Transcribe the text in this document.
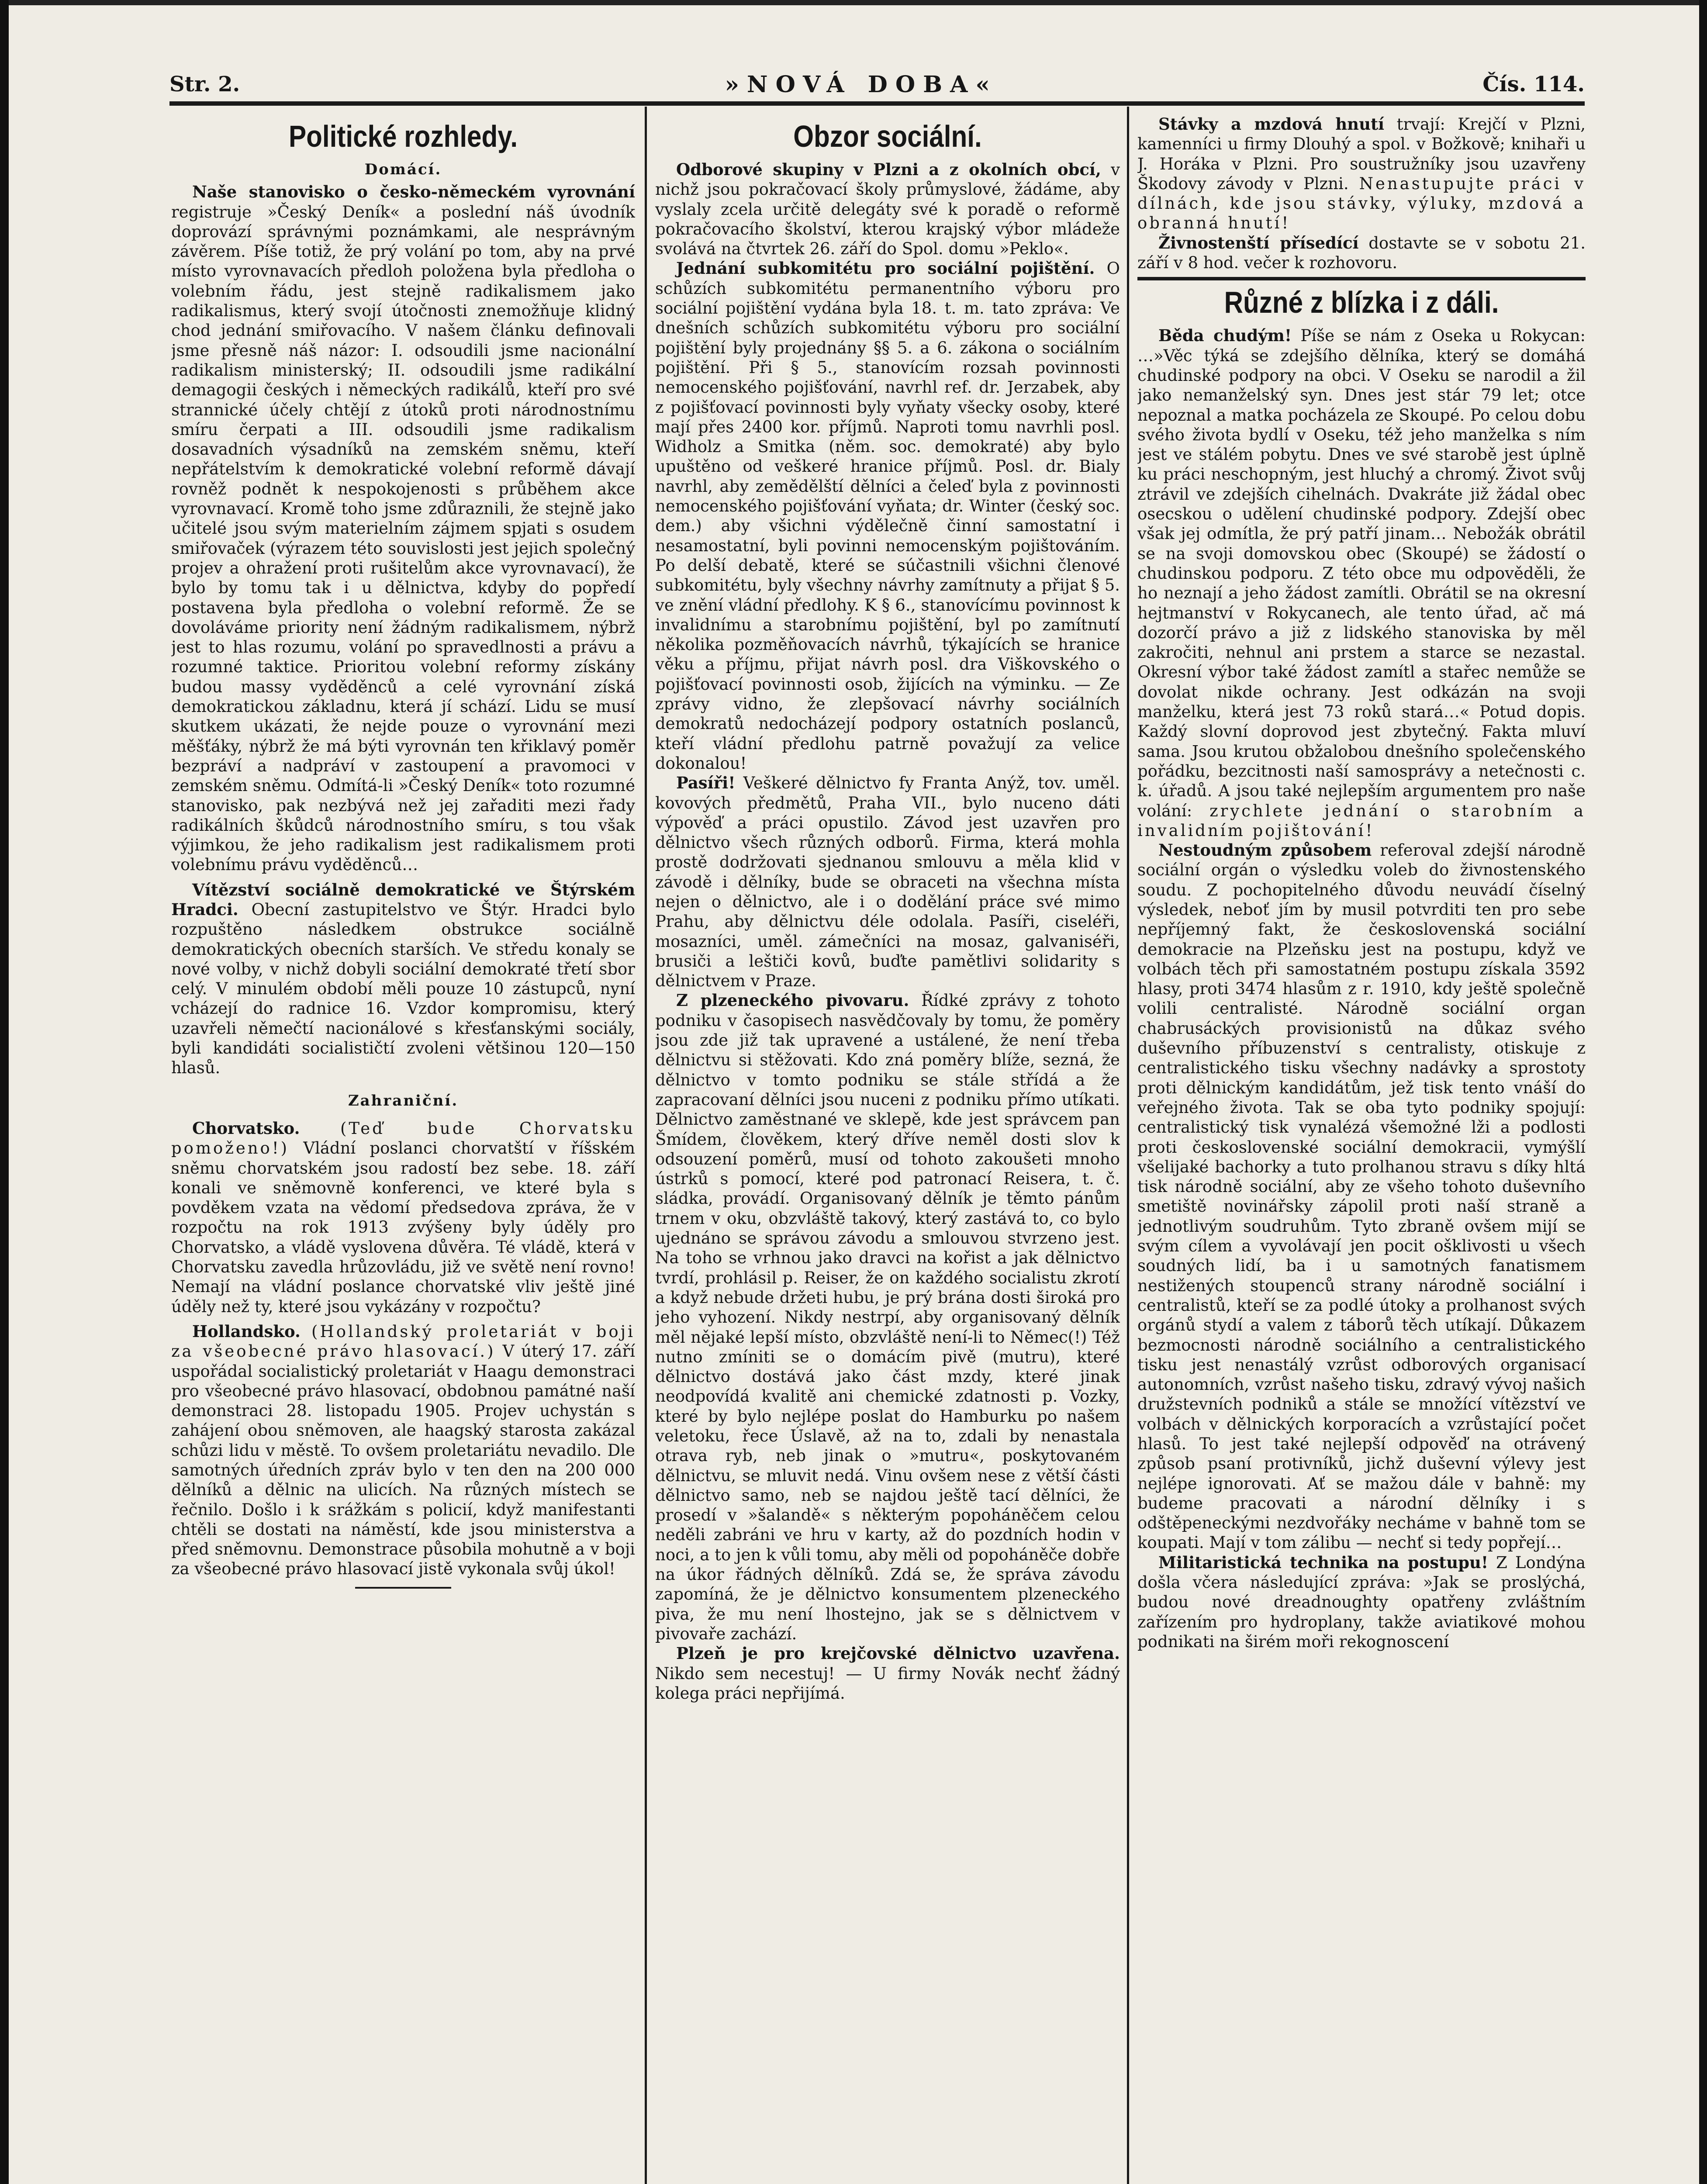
Str. 2.	»NOVÁ DOBA«	Čís. 114.
Politické rozhledy.
Domácí.

Naše stanovisko o česko-německém vyrovnání registruje »Český Deník« a poslední náš úvodník doprovází správnými poznámkami, ale nesprávným závěrem. Píše totiž, že prý volání po tom, aby na prvé místo vyrovnavacích předloh položena byla předloha o volebním řádu, jest stejně radikalismem jako radikalismus, který svojí útočnosti znemožňuje klidný chod jednání smiřovacího. V našem článku definovali jsme přesně náš názor: I. odsoudili jsme nacionální radikalism ministerský; II. odsoudili jsme radikální demagogii českých i německých radikálů, kteří pro své strannické účely chtějí z útoků proti národnostnímu smíru čerpati a III. odsoudili jsme radikalism dosavadních výsadníků na zemském sněmu, kteří nepřátelstvím k demokratické volební reformě dávají rovněž podnět k nespokojenosti s průběhem akce vyrovnavací. Kromě toho jsme zdůraznili, že stejně jako učitelé jsou svým materielním zájmem spjati s osudem smiřovaček (výrazem této souvislosti jest jejich společný projev a ohražení proti rušitelům akce vyrovnavací), že bylo by tomu tak i u dělnictva, kdyby do popředí postavena byla předloha o volební reformě. Že se dovoláváme priority není žádným radikalismem, nýbrž jest to hlas rozumu, volání po spravedlnosti a právu a rozumné taktice. Prioritou volební reformy získány budou massy vyděděnců a celé vyrovnání získá demokratickou základnu, která jí schází. Lidu se musí skutkem ukázati, že nejde pouze o vyrovnání mezi měšťáky, nýbrž že má býti vyrovnán ten křiklavý poměr bezpráví a nadpráví v zastoupení a pravomoci v zemském sněmu. Odmítá-li »Český Deník« toto rozumné stanovisko, pak nezbývá než jej zařaditi mezi řady radikálních škůdců národnostního smíru, s tou však výjimkou, že jeho radikalism jest radikalismem proti volebnímu právu vyděděnců…

Vítězství sociálně demokratické ve Štýrském Hradci. Obecní zastupitelstvo ve Štýr. Hradci bylo rozpuštěno následkem obstrukce sociálně demokratických obecních starších. Ve středu konaly se nové volby, v nichž dobyli sociální demokraté třetí sbor celý. V minulém období měli pouze 10 zástupců, nyní vcházejí do radnice 16. Vzdor kompromisu, který uzavřeli němečtí nacionálové s křesťanskými sociály, byli kandidáti socialističtí zvoleni většinou 120—150 hlasů.

Zahraniční.

Chorvatsko. (Teď bude Chorvatsku pomoženo!) Vládní poslanci chorvatští v říšském sněmu chorvatském jsou radostí bez sebe. 18. září konali ve sněmovně konferenci, ve které byla s povděkem vzata na vědomí předsedova zpráva, že v rozpočtu na rok 1913 zvýšeny byly úděly pro Chorvatsko, a vládě vyslovena důvěra. Té vládě, která v Chorvatsku zavedla hrůzovládu, již ve světě není rovno! Nemají na vládní poslance chorvatské vliv ještě jiné úděly než ty, které jsou vykázány v rozpočtu?

Hollandsko. (Hollandský proletariát v boji za všeobecné právo hlasovací.) V úterý 17. září uspořádal socialistický proletariát v Haagu demonstraci pro všeobecné právo hlasovací, obdobnou památné naší demonstraci 28. listopadu 1905. Projev uchystán s zahájení obou sněmoven, ale haagský starosta zakázal schůzi lidu v městě. To ovšem proletariátu nevadilo. Dle samotných úředních zpráv bylo v ten den na 200 000 dělníků a dělnic na ulicích. Na různých místech se řečnilo. Došlo i k srážkám s policií, když manifestanti chtěli se dostati na náměstí, kde jsou ministerstva a před sněmovnu. Demonstrace působila mohutně a v boji za všeobecné právo hlasovací jistě vykonala svůj úkol!

Obzor sociální.

Odborové skupiny v Plzni a z okolních obcí, v nichž jsou pokračovací školy průmyslové, žádáme, aby vyslaly zcela určitě delegáty své k poradě o reformě pokračovacího školství, kterou krajský výbor mládeže svolává na čtvrtek 26. září do Spol. domu »Peklo«.

Jednání subkomitétu pro sociální pojištění. O schůzích subkomitétu permanentního výboru pro sociální pojištění vydána byla 18. t. m. tato zpráva: Ve dnešních schůzích subkomitétu výboru pro sociální pojištění byly projednány §§ 5. a 6. zákona o sociálním pojištění. Při § 5., stanovícím rozsah povinnosti nemocenského pojišťování, navrhl ref. dr. Jerzabek, aby z pojišťovací povinnosti byly vyňaty všecky osoby, které mají přes 2400 kor. příjmů. Naproti tomu navrhli posl. Widholz a Smitka (něm. soc. demokraté) aby bylo upuštěno od veškeré hranice příjmů. Posl. dr. Bialy navrhl, aby zemědělští dělníci a čeleď byla z povinnosti nemocenského pojišťování vyňata; dr. Winter (český soc. dem.) aby všichni výdělečně činní samostatní i nesamostatní, byli povinni nemocenským pojištováním. Po delší debatě, které se súčastnili všichni členové subkomitétu, byly všechny návrhy zamítnuty a přijat § 5. ve znění vládní předlohy. K § 6., stanovícímu povinnost k invalidnímu a starobnímu pojištění, byl po zamítnutí několika pozměňovacích návrhů, týkajících se hranice věku a příjmu, přijat návrh posl. dra Viškovského o pojišťovací povinnosti osob, žijících na výminku. — Ze zprávy vidno, že zlepšovací návrhy sociálních demokratů nedocházejí podpory ostatních poslanců, kteří vládní předlohu patrně považují za velice dokonalou!

Pasíři! Veškeré dělnictvo fy Franta Anýž, tov. uměl. kovových předmětů, Praha VII., bylo nuceno dáti výpověď a práci opustilo. Závod jest uzavřen pro dělnictvo všech různých odborů. Firma, která mohla prostě dodržovati sjednanou smlouvu a měla klid v závodě i dělníky, bude se obraceti na všechna místa nejen o dělnictvo, ale i o dodělání práce své mimo Prahu, aby dělnictvu déle odolala. Pasíři, ciseléři, mosazníci, uměl. zámečníci na mosaz, galvaniséři, brusiči a leštiči kovů, buďte pamětlivi solidarity s dělnictvem v Praze.

Z plzeneckého pivovaru. Řídké zprávy z tohoto podniku v časopisech nasvědčovaly by tomu, že poměry jsou zde již tak upravené a ustálené, že není třeba dělnictvu si stěžovati. Kdo zná poměry blíže, sezná, že dělnictvo v tomto podniku se stále střídá a že zapracovaní dělníci jsou nuceni z podniku přímo utíkati. Dělnictvo zaměstnané ve sklepě, kde jest správcem pan Šmídem, člověkem, který dříve neměl dosti slov k odsouzení poměrů, musí od tohoto zakoušeti mnoho ústrků s pomocí, které pod patronací Reisera, t. č. sládka, provádí. Organisovaný dělník je těmto pánům trnem v oku, obzvláště takový, který zastává to, co bylo ujednáno se správou závodu a smlouvou stvrzeno jest. Na toho se vrhnou jako dravci na kořist a jak dělnictvo tvrdí, prohlásil p. Reiser, že on každého socialistu zkrotí a když nebude držeti hubu, je prý brána dosti široká pro jeho vyhození. Nikdy nestrpí, aby organisovaný dělník měl nějaké lepší místo, obzvláště není-li to Němec(!) Též nutno zmíniti se o domácím pivě (mutru), které dělnictvo dostává jako část mzdy, které jinak neodpovídá kvalitě ani chemické zdatnosti p. Vozky, které by bylo nejlépe poslat do Hamburku po našem veletoku, řece Úslavě, až na to, zdali by nenastala otrava ryb, neb jinak o »mutru«, poskytovaném dělnictvu, se mluvit nedá. Vinu ovšem nese z větší části dělnictvo samo, neb se najdou ještě tací dělníci, že prosedí v »šalandě« s některým popoháněčem celou neděli zabráni ve hru v karty, až do pozdních hodin v noci, a to jen k vůli tomu, aby měli od popoháněče dobře na úkor řádných dělníků. Zdá se, že správa závodu zapomíná, že je dělnictvo konsumentem plzeneckého piva, že mu není lhostejno, jak se s dělnictvem v pivovaře zachází.

Plzeň je pro krejčovské dělnictvo uzavřena. Nikdo sem necestuj! — U firmy Novák nechť žádný kolega práci nepřijímá.

Stávky a mzdová hnutí trvají: Krejčí v Plzni, kamenníci u firmy Dlouhý a spol. v Božkově; knihaři u J. Horáka v Plzni. Pro soustružníky jsou uzavřeny Škodovy závody v Plzni. Nenastupujte práci v dílnách, kde jsou stávky, výluky, mzdová a obranná hnutí!

Živnostenští přísedící dostavte se v sobotu 21. září v 8 hod. večer k rozhovoru.

Různé z blízka i z dáli.

Běda chudým! Píše se nám z Oseka u Rokycan: …»Věc týká se zdejšího dělníka, který se domáhá chudinské podpory na obci. V Oseku se narodil a žil jako nemanželský syn. Dnes jest stár 79 let; otce nepoznal a matka pocházela ze Skoupé. Po celou dobu svého života bydlí v Oseku, též jeho manželka s ním jest ve stálém pobytu. Dnes ve své starobě jest úplně ku práci neschopným, jest hluchý a chromý. Život svůj ztrávil ve zdejších cihelnách. Dvakráte již žádal obec osecskou o udělení chudinské podpory. Zdejší obec však jej odmítla, že prý patří jinam… Nebožák obrátil se na svoji domovskou obec (Skoupé) se žádostí o chudinskou podporu. Z této obce mu odpověděli, že ho neznají a jeho žádost zamítli. Obrátil se na okresní hejtmanství v Rokycanech, ale tento úřad, ač má dozorčí právo a již z lidského stanoviska by měl zakročiti, nehnul ani prstem a starce se nezastal. Okresní výbor také žádost zamítl a stařec nemůže se dovolat nikde ochrany. Jest odkázán na svoji manželku, která jest 73 roků stará…« Potud dopis. Každý slovní doprovod jest zbytečný. Fakta mluví sama. Jsou krutou obžalobou dnešního společenského pořádku, bezcitnosti naší samosprávy a netečnosti c. k. úřadů. A jsou také nejlepším argumentem pro naše volání: zrychlete jednání o starobním a invalidním pojištování!

Nestoudným způsobem referoval zdejší národně sociální orgán o výsledku voleb do živnostenského soudu. Z pochopitelného důvodu neuvádí číselný výsledek, neboť jím by musil potvrditi ten pro sebe nepříjemný fakt, že československá sociální demokracie na Plzeňsku jest na postupu, když ve volbách těch při samostatném postupu získala 3592 hlasy, proti 3474 hlasům z r. 1910, kdy ještě společně volili centralisté. Národně sociální organ chabrusáckých provisionistů na důkaz svého duševního příbuzenství s centralisty, otiskuje z centralistického tisku všechny nadávky a sprostoty proti dělnickým kandidátům, jež tisk tento vnáší do veřejného života. Tak se oba tyto podniky spojují: centralistický tisk vynalézá všemožné lži a podlosti proti československé sociální demokracii, vymýšlí všelijaké bachorky a tuto prolhanou stravu s díky hltá tisk národně sociální, aby ze všeho tohoto duševního smetiště novinářsky zápolil proti naší straně a jednotlivým soudruhům. Tyto zbraně ovšem mijí se svým cílem a vyvolávají jen pocit ošklivosti u všech soudných lidí, ba i u samotných fanatismem nestižených stoupenců strany národně sociální i centralistů, kteří se za podlé útoky a prolhanost svých orgánů stydí a valem z táborů těch utíkají. Důkazem bezmocnosti národně sociálního a centralistického tisku jest nenastálý vzrůst odborových organisací autonomních, vzrůst našeho tisku, zdravý vývoj našich družstevních podniků a stále se množící vítězství ve volbách v dělnických korporacích a vzrůstající počet hlasů. To jest také nejlepší odpověď na otrávený způsob psaní protivníků, jichž duševní výlevy jest nejlépe ignorovati. Ať se mažou dále v bahně: my budeme pracovati a národní dělníky i s odštěpeneckými nezdvořáky necháme v bahně tom se koupati. Mají v tom zálibu — nechť si tedy popřejí…

Militaristická technika na postupu! Z Londýna došla včera následující zpráva: »Jak se proslýchá, budou nové dreadnoughty opatřeny zvláštním zařízením pro hydroplany, takže aviatikové mohou podnikati na širém moři rekognoscení
